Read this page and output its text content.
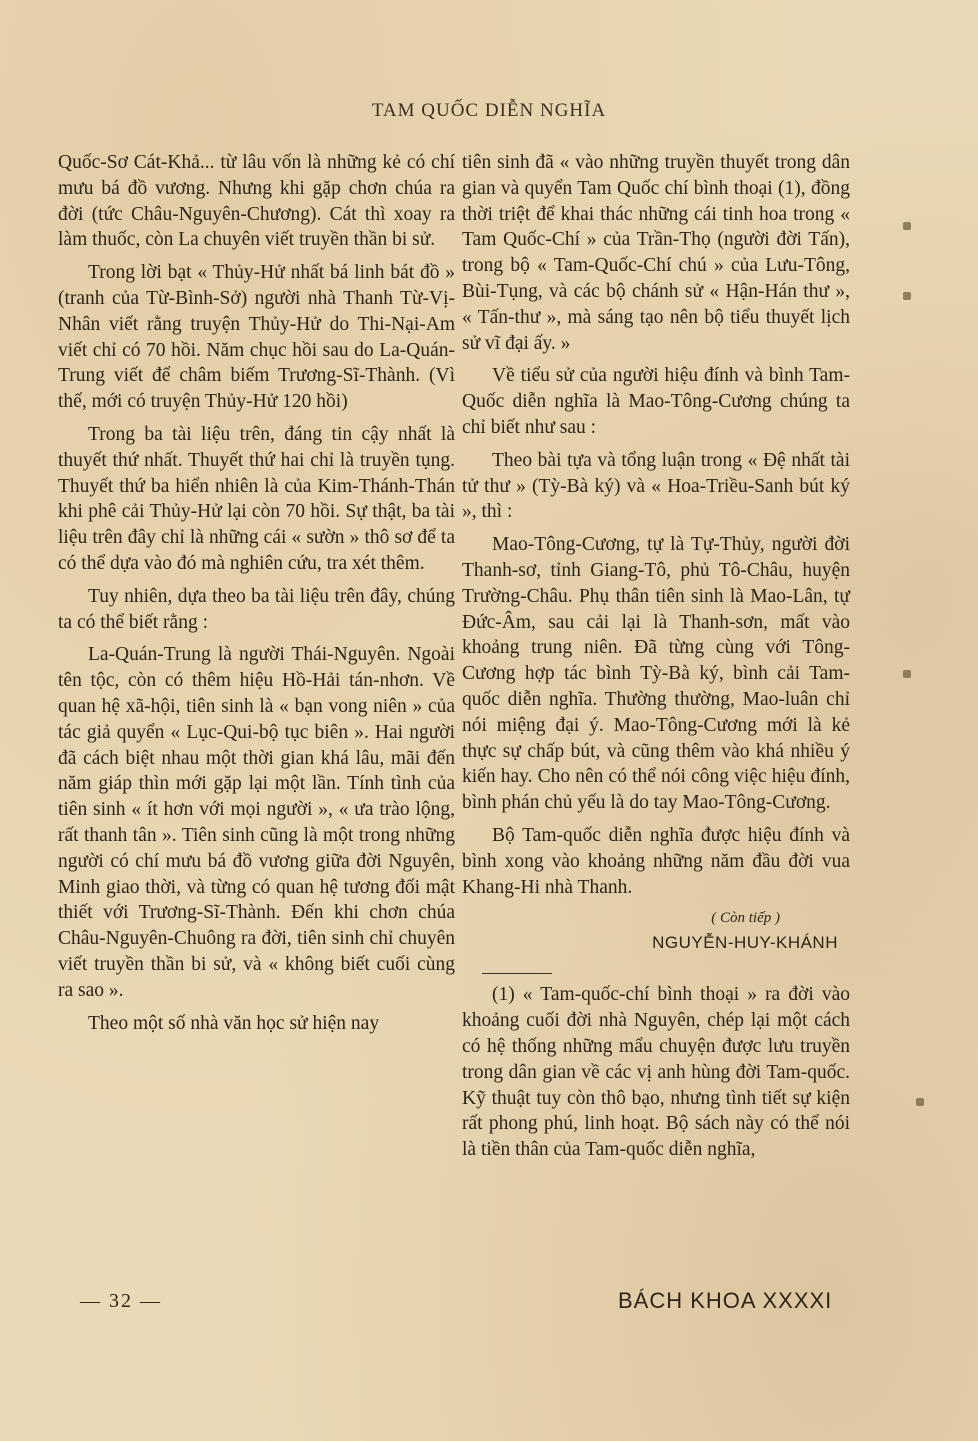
TAM QUỐC DIỄN NGHĨA

Quốc-Sơ Cát-Khả... từ lâu vốn là những kẻ có chí mưu bá đồ vương. Nhưng khi gặp chơn chúa ra đời (tức Châu-Nguyên-Chương). Cát thì xoay ra làm thuốc, còn La chuyên viết truyền thần bi sử.

Trong lời bạt « Thủy-Hử nhất bá linh bát đồ » (tranh của Từ-Bình-Sở) người nhà Thanh Từ-Vị-Nhân viết rằng truyện Thủy-Hử do Thi-Nại-Am viết chỉ có 70 hồi. Năm chục hồi sau do La-Quán-Trung viết để châm biếm Trương-Sĩ-Thành. (Vì thế, mới có truyện Thủy-Hử 120 hồi)

Trong ba tài liệu trên, đáng tin cậy nhất là thuyết thứ nhất. Thuyết thứ hai chỉ là truyền tụng. Thuyết thứ ba hiển nhiên là của Kim-Thánh-Thán khi phê cải Thủy-Hử lại còn 70 hồi. Sự thật, ba tài liệu trên đây chỉ là những cái « sườn » thô sơ để ta có thể dựa vào đó mà nghiên cứu, tra xét thêm.

Tuy nhiên, dựa theo ba tài liệu trên đây, chúng ta có thể biết rằng :

La-Quán-Trung là người Thái-Nguyên. Ngoài tên tộc, còn có thêm hiệu Hồ-Hải tán-nhơn. Về quan hệ xã-hội, tiên sinh là « bạn vong niên » của tác giả quyển « Lục-Qui-bộ tục biên ». Hai người đã cách biệt nhau một thời gian khá lâu, mãi đến năm giáp thìn mới gặp lại một lần. Tính tình của tiên sinh « ít hơn với mọi người », « ưa trào lộng, rất thanh tân ». Tiên sinh cũng là một trong những người có chí mưu bá đồ vương giữa đời Nguyên, Minh giao thời, và từng có quan hệ tương đối mật thiết với Trương-Sĩ-Thành. Đến khi chơn chúa Châu-Nguyên-Chuông ra đời, tiên sinh chỉ chuyên viết truyền thần bi sử, và « không biết cuối cùng ra sao ».

Theo một số nhà văn học sử hiện nay

tiên sinh đã « vào những truyền thuyết trong dân gian và quyển Tam Quốc chí bình thoại (1), đồng thời triệt để khai thác những cái tinh hoa trong « Tam Quốc-Chí » của Trần-Thọ (người đời Tấn), trong bộ « Tam-Quốc-Chí chú » của Lưu-Tông, Bùi-Tụng, và các bộ chánh sử « Hận-Hán thư », « Tấn-thư », mà sáng tạo nên bộ tiểu thuyết lịch sử vĩ đại ấy. »

Về tiểu sử của người hiệu đính và bình Tam-Quốc diễn nghĩa là Mao-Tông-Cương chúng ta chỉ biết như sau :

Theo bài tựa và tổng luận trong « Đệ nhất tài tử thư » (Tỳ-Bà ký) và « Hoa-Triều-Sanh bút ký », thì :

Mao-Tông-Cương, tự là Tự-Thủy, người đời Thanh-sơ, tỉnh Giang-Tô, phủ Tô-Châu, huyện Trường-Châu. Phụ thân tiên sinh là Mao-Lân, tự Đức-Âm, sau cải lại là Thanh-sơn, mất vào khoảng trung niên. Đã từng cùng với Tông-Cương hợp tác bình Tỳ-Bà ký, bình cải Tam-quốc diễn nghĩa. Thường thường, Mao-luân chỉ nói miệng đại ý. Mao-Tông-Cương mới là kẻ thực sự chấp bút, và cũng thêm vào khá nhiều ý kiến hay. Cho nên có thể nói công việc hiệu đính, bình phán chủ yếu là do tay Mao-Tông-Cương.

Bộ Tam-quốc diễn nghĩa được hiệu đính và bình xong vào khoảng những năm đầu đời vua Khang-Hi nhà Thanh.

( Còn tiếp )
NGUYỄN-HUY-KHÁNH

(1) « Tam-quốc-chí bình thoại » ra đời vào khoảng cuối đời nhà Nguyên, chép lại một cách có hệ thống những mẩu chuyện được lưu truyền trong dân gian về các vị anh hùng đời Tam-quốc. Kỹ thuật tuy còn thô bạo, nhưng tình tiết sự kiện rất phong phú, linh hoạt. Bộ sách này có thể nói là tiền thân của Tam-quốc diễn nghĩa,

— 32 —	BÁCH KHOA XXXXI
